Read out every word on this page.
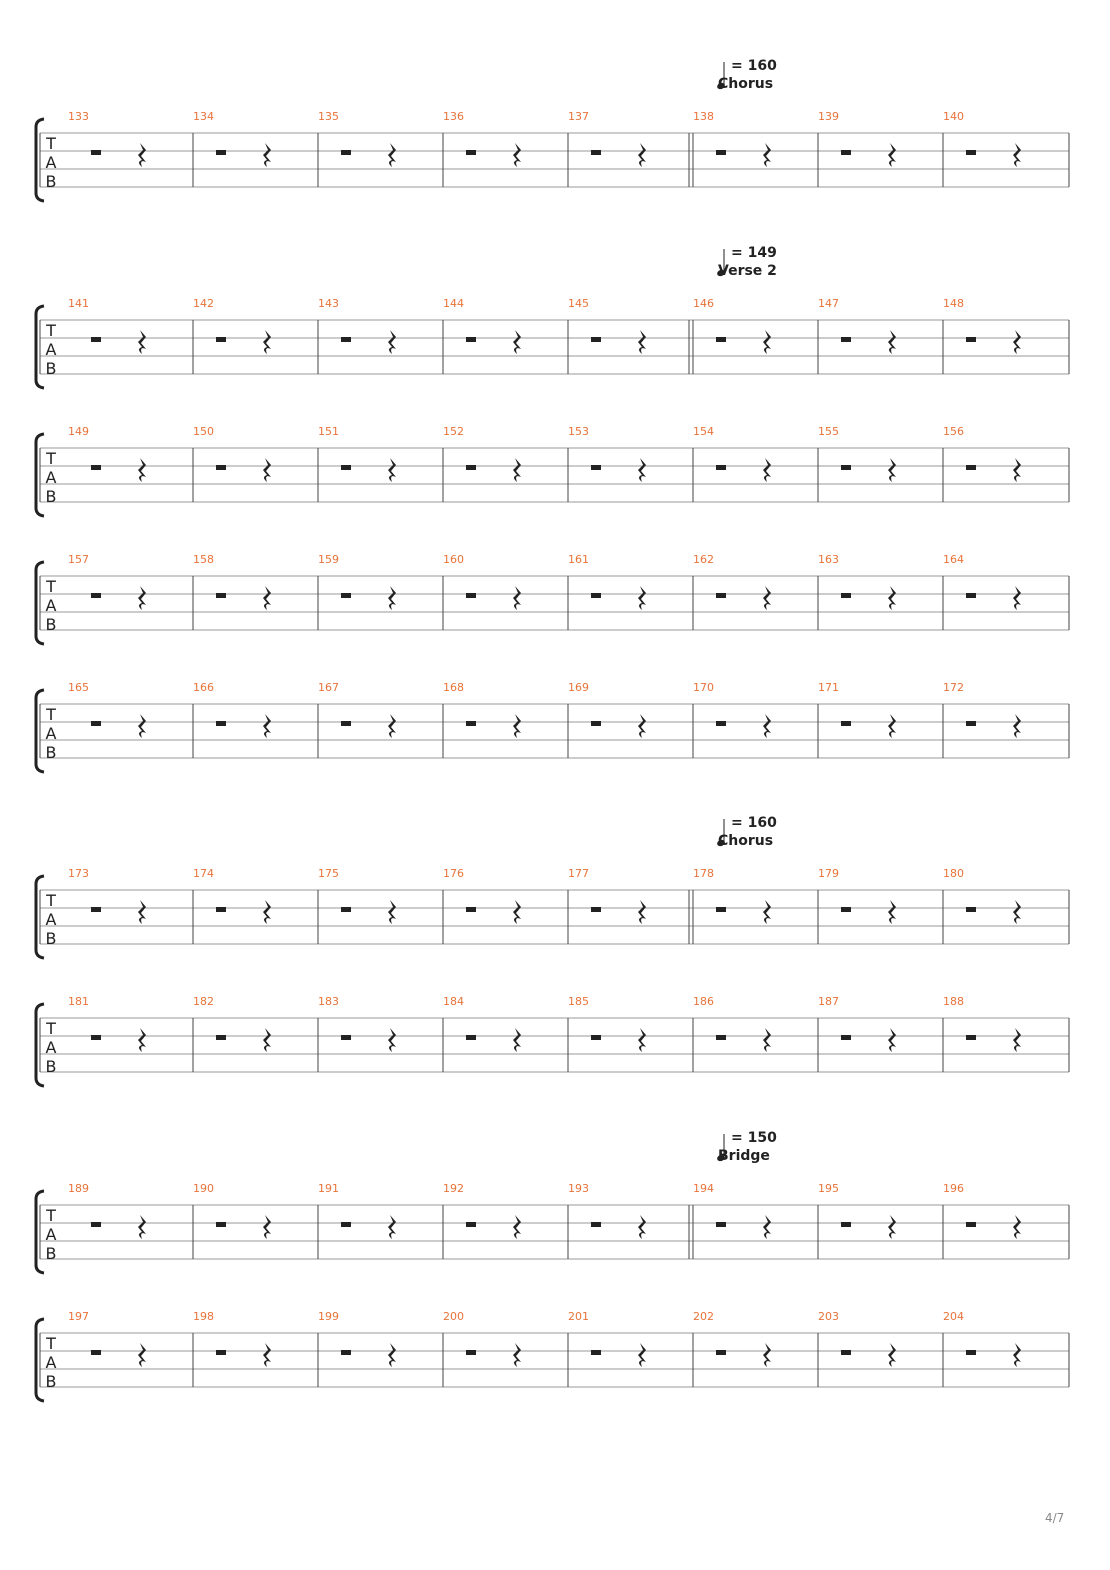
T
A
B
133	134	135	136	137	138	139	140
= 160
Chorus
T
A
B
141	142	143	144	145	146	147	148
= 149
Verse 2
T
A
B
149	150	151	152	153	154	155	156
T
A
B
157	158	159	160	161	162	163	164
T
A
B
165	166	167	168	169	170	171	172
T
A
B
173	174	175	176	177	178	179	180
= 160
Chorus
T
A
B
181	182	183	184	185	186	187	188
T
A
B
189	190	191	192	193	194	195	196
= 150
Bridge
T
A
B
197	198	199	200	201	202	203	204
4/7
